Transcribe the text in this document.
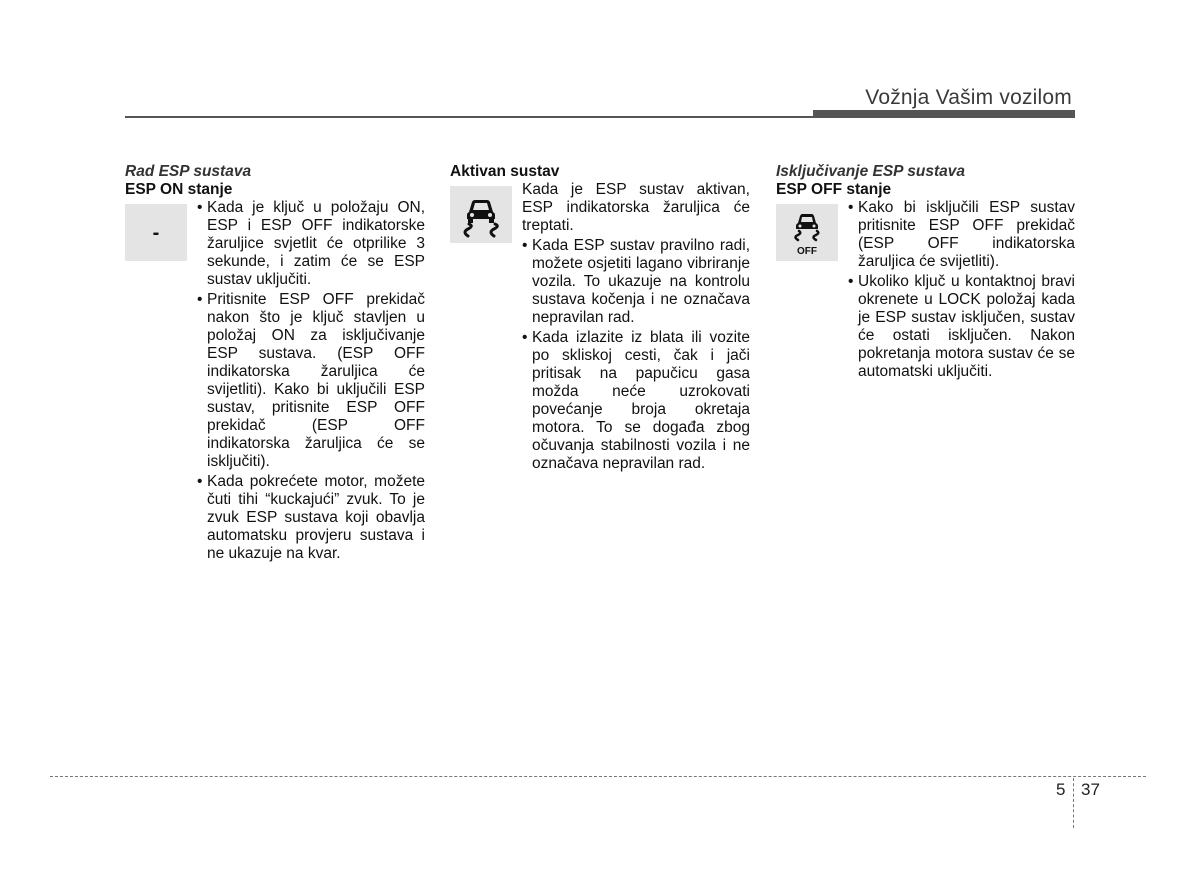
Vožnja Vašim vozilom

Rad ESP sustava

ESP ON stanje

-
• Kada je ključ u položaju ON, ESP i ESP OFF indikatorske žaruljice svjetlit će otprilike 3 sekunde, i zatim će se ESP sustav uključiti.
• Pritisnite ESP OFF prekidač nakon što je ključ stavljen u položaj ON za isključivanje ESP sustava. (ESP OFF indikatorska žaruljica će svijetliti). Kako bi uključili ESP sustav, pritisnite ESP OFF prekidač (ESP OFF indikatorska žaruljica će se isključiti).
• Kada pokrećete motor, možete čuti tihi “kuckajući” zvuk. To je zvuk ESP sustava koji obavlja automatsku provjeru sustava i ne ukazuje na kvar.

Aktivan sustav

Kada je ESP sustav aktivan, ESP indikatorska žaruljica će treptati.

• Kada ESP sustav pravilno radi, možete osjetiti lagano vibriranje vozila. To ukazuje na kontrolu sustava kočenja i ne označava nepravilan rad.
• Kada izlazite iz blata ili vozite po skliskoj cesti, čak i jači pritisak na papučicu gasa možda neće uzrokovati povećanje broja okretaja motora. To se događa zbog očuvanja stabilnosti vozila i ne označava nepravilan rad.

Isključivanje ESP sustava

ESP OFF stanje

OFF
• Kako bi isključili ESP sustav pritisnite ESP OFF prekidač (ESP OFF indikatorska žaruljica će svijetliti).
• Ukoliko ključ u kontaktnoj bravi okrenete u LOCK položaj kada je ESP sustav isključen, sustav će ostati isključen. Nakon pokretanja motora sustav će se automatski uključiti.
5 37
